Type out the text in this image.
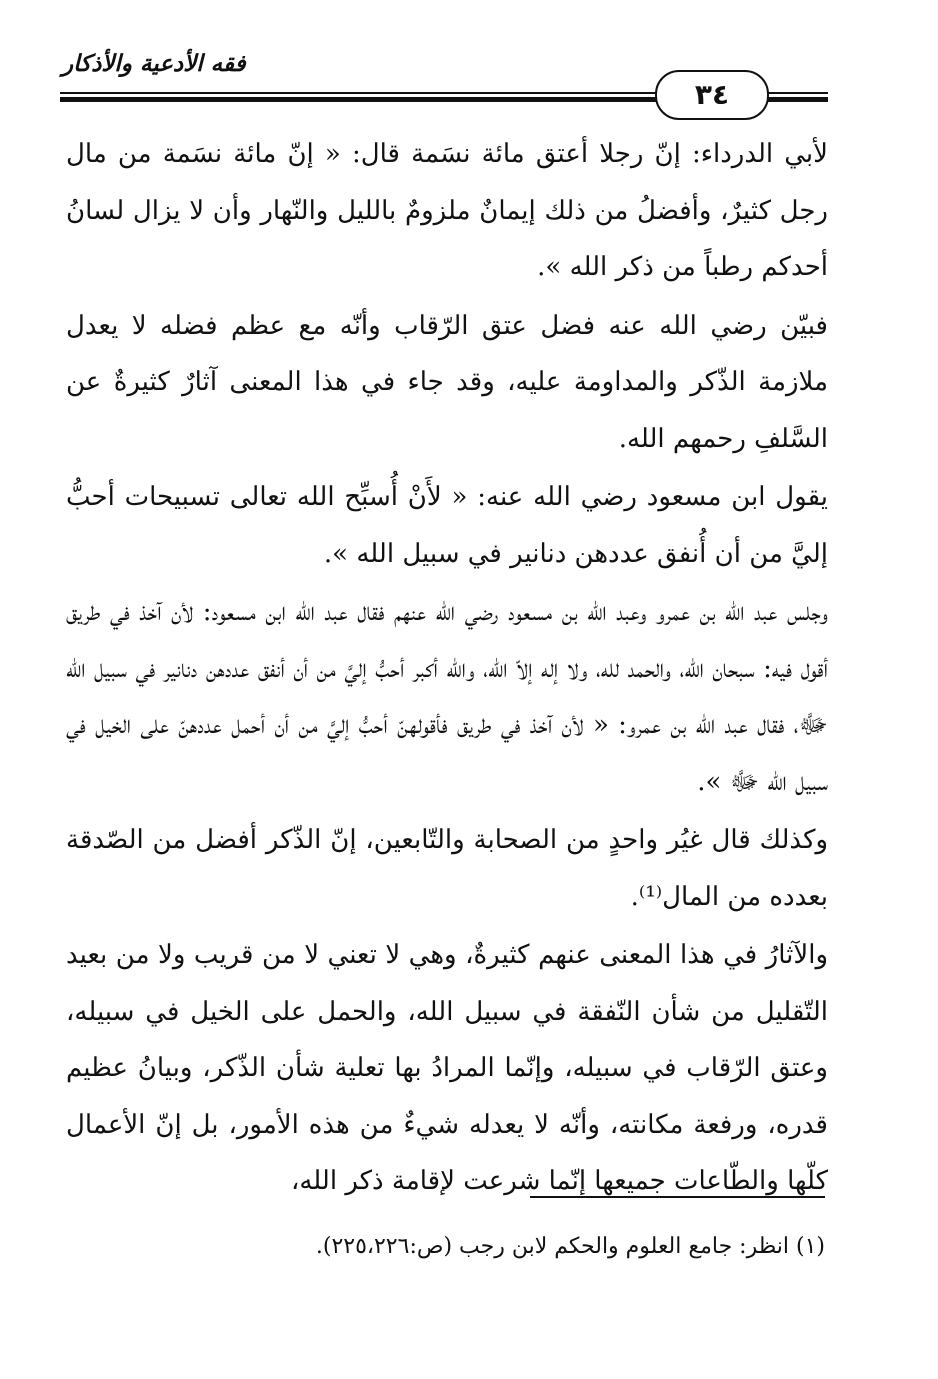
فقه الأدعية والأذكار
٣٤

لأبي الدرداء: إنّ رجلا أعتق مائة نسَمة قال: « إنّ مائة نسَمة من مال رجل كثيرٌ، وأفضلُ من ذلك إيمانٌ ملزومٌ بالليل والنّهار وأن لا يزال لسانُ أحدكم رطباً من ذكر الله ».

فبيّن رضي الله عنه فضل عتق الرّقاب وأنّه مع عظم فضله لا يعدل ملازمة الذّكر والمداومة عليه، وقد جاء في هذا المعنى آثارٌ كثيرةٌ عن السَّلفِ رحمهم الله.

يقول ابن مسعود رضي الله عنه: « لأَنْ أُسبِّح الله تعالى تسبيحات أحبُّ إليَّ من أن أُنفق عددهن دنانير في سبيل الله ».

وجلس عبد الله بن عمرو وعبد الله بن مسعود رضي الله عنهم فقال عبد الله ابن مسعود: لأن آخذ في طريق أقول فيه: سبحان الله، والحمد لله، ولا إله إلاّ الله، والله أكبر أحبُّ إليَّ من أن أنفق عددهن دنانير في سبيل الله ﷻ، فقال عبد الله بن عمرو: « لأن آخذ في طريق فأقولهنّ أحبُّ إليَّ من أن أحمل عددهنّ على الخيل في سبيل الله ﷻ ».

وكذلك قال غيُر واحدٍ من الصحابة والتّابعين، إنّ الذّكر أفضل من الصّدقة بعدده من المال⁽¹⁾.

والآثارُ في هذا المعنى عنهم كثيرةٌ، وهي لا تعني لا من قريب ولا من بعيد التّقليل من شأن النّفقة في سبيل الله، والحمل على الخيل في سبيله، وعتق الرّقاب في سبيله، وإنّما المرادُ بها تعلية شأن الذّكر، وبيانُ عظيم قدره، ورفعة مكانته، وأنّه لا يعدله شيءٌ من هذه الأمور، بل إنّ الأعمال كلّها والطّاعات جميعها إنّما شرعت لإقامة ذكر الله،

(١) انظر: جامع العلوم والحكم لابن رجب (ص:٢٢٥،٢٢٦).
